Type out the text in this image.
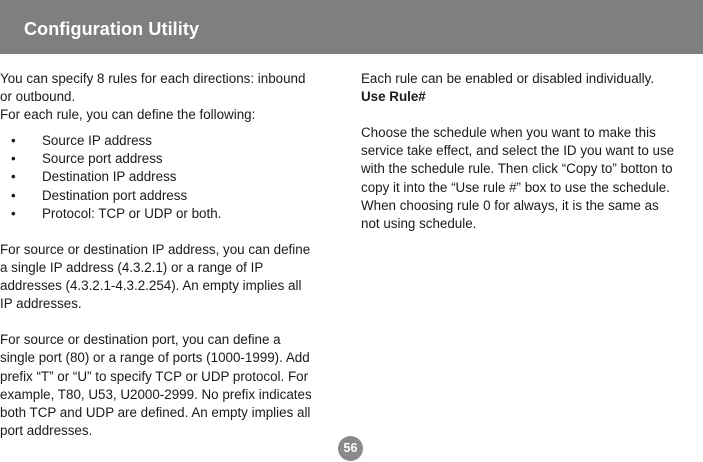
Configuration Utility

You can specify 8 rules for each directions: inbound

or outbound.

For each rule, you can define the following:

• Source IP address
• Source port address
• Destination IP address
• Destination port address
• Protocol: TCP or UDP or both.

For source or destination IP address, you can define

a single IP address (4.3.2.1) or a range of IP

addresses (4.3.2.1-4.3.2.254). An empty implies all

IP addresses.

For source or destination port, you can define a

single port (80) or a range of ports (1000-1999). Add

prefix “T” or “U” to specify TCP or UDP protocol. For

example, T80, U53, U2000-2999. No prefix indicates

both TCP and UDP are defined. An empty implies all

port addresses.

Each rule can be enabled or disabled individually.

Use Rule#

Choose the schedule when you want to make this

service take effect, and select the ID you want to use

with the schedule rule. Then click “Copy to” botton to

copy it into the “Use rule #” box to use the schedule.

When choosing rule 0 for always, it is the same as

not using schedule.

56
